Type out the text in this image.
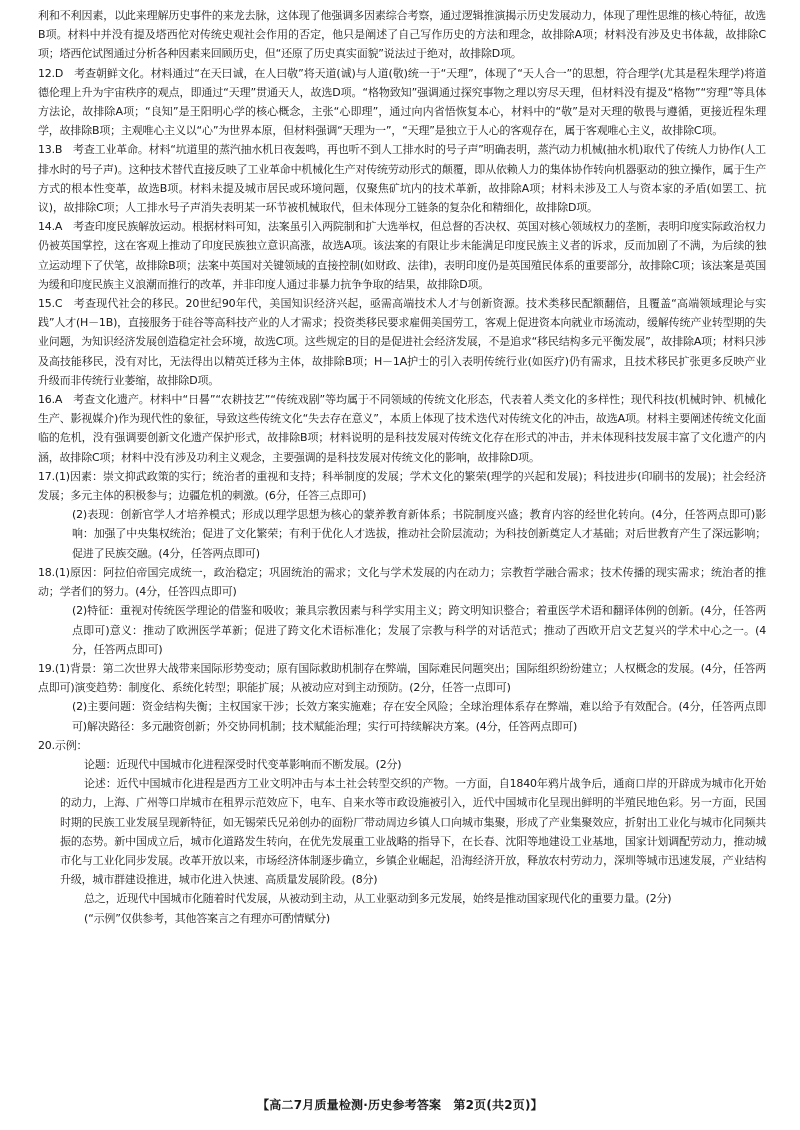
利和不利因素，以此来理解历史事件的来龙去脉，这体现了他强调多因素综合考察，通过逻辑推演揭示历史发展动力，体现了理性思维的核心特征，故选B项。材料中并没有提及塔西佗对传统史观社会作用的否定，他只是阐述了自己写作历史的方法和理念，故排除A项；材料没有涉及史书体裁，故排除C项；塔西佗试图通过分析各种因素来回顾历史，但“还原了历史真实面貌”说法过于绝对，故排除D项。

12.D　考查朝鲜文化。材料通过“在天曰诚，在人曰敬”将天道(诚)与人道(敬)统一于“天理”，体现了“天人合一”的思想，符合理学(尤其是程朱理学)将道德伦理上升为宇宙秩序的观点，即通过“天理”贯通天人，故选D项。“格物致知”强调通过探究事物之理以穷尽天理，但材料没有提及“格物”“穷理”等具体方法论，故排除A项；“良知”是王阳明心学的核心概念，主张“心即理”，通过向内省悟恢复本心，材料中的“敬”是对天理的敬畏与遵循，更接近程朱理学，故排除B项；主观唯心主义以“心”为世界本原，但材料强调“天理为一”，“天理”是独立于人心的客观存在，属于客观唯心主义，故排除C项。

13.B　考查工业革命。材料“坑道里的蒸汽抽水机日夜轰鸣，再也听不到人工排水时的号子声”明确表明，蒸汽动力机械(抽水机)取代了传统人力协作(人工排水时的号子声)。这种技术替代直接反映了工业革命中机械化生产对传统劳动形式的颠覆，即从依赖人力的集体协作转向机器驱动的独立操作，属于生产方式的根本性变革，故选B项。材料未提及城市居民或环境问题，仅聚焦矿坑内的技术革新，故排除A项；材料未涉及工人与资本家的矛盾(如罢工、抗议)，故排除C项；人工排水号子声消失表明某一环节被机械取代，但未体现分工链条的复杂化和精细化，故排除D项。

14.A　考查印度民族解放运动。根据材料可知，法案虽引入两院制和扩大选举权，但总督的否决权、英国对核心领域权力的垄断，表明印度实际政治权力仍被英国掌控，这在客观上推动了印度民族独立意识高涨，故选A项。该法案的有限让步未能满足印度民族主义者的诉求，反而加剧了不满，为后续的独立运动埋下了伏笔，故排除B项；法案中英国对关键领域的直接控制(如财政、法律)，表明印度仍是英国殖民体系的重要部分，故排除C项；该法案是英国为缓和印度民族主义浪潮而推行的改革，并非印度人通过非暴力抗争争取的结果，故排除D项。

15.C　考查现代社会的移民。20世纪90年代，美国知识经济兴起，亟需高端技术人才与创新资源。技术类移民配额翻倍，且覆盖“高端领域理论与实践”人才(H－1B)，直接服务于硅谷等高科技产业的人才需求；投资类移民要求雇佣美国劳工，客观上促进资本向就业市场流动，缓解传统产业转型期的失业问题，为知识经济发展创造稳定社会环境，故选C项。这些规定的目的是促进社会经济发展，不是追求“移民结构多元平衡发展”，故排除A项；材料只涉及高技能移民，没有对比，无法得出以精英迁移为主体，故排除B项；H－1A护士的引入表明传统行业(如医疗)仍有需求，且技术移民扩张更多反映产业升级而非传统行业萎缩，故排除D项。

16.A　考查文化遗产。材料中“日晷”“农耕技艺”“传统戏剧”等均属于不同领域的传统文化形态，代表着人类文化的多样性；现代科技(机械时钟、机械化生产、影视媒介)作为现代性的象征，导致这些传统文化“失去存在意义”，本质上体现了技术迭代对传统文化的冲击，故选A项。材料主要阐述传统文化面临的危机，没有强调要创新文化遗产保护形式，故排除B项；材料说明的是科技发展对传统文化存在形式的冲击，并未体现科技发展丰富了文化遗产的内涵，故排除C项；材料中没有涉及功利主义观念，主要强调的是科技发展对传统文化的影响，故排除D项。

17.(1)因素：崇文抑武政策的实行；统治者的重视和支持；科举制度的发展；学术文化的繁荣(理学的兴起和发展)；科技进步(印刷书的发展)；社会经济发展；多元主体的积极参与；边疆危机的刺激。(6分，任答三点即可)

(2)表现：创新官学人才培养模式；形成以理学思想为核心的蒙养教育新体系；书院制度兴盛；教育内容的经世化转向。(4分，任答两点即可)影响：加强了中央集权统治；促进了文化繁荣；有利于优化人才选拔，推动社会阶层流动；为科技创新奠定人才基础；对后世教育产生了深远影响；促进了民族交融。(4分，任答两点即可)

18.(1)原因：阿拉伯帝国完成统一，政治稳定；巩固统治的需求；文化与学术发展的内在动力；宗教哲学融合需求；技术传播的现实需求；统治者的推动；学者们的努力。(4分，任答四点即可)

(2)特征：重视对传统医学理论的借鉴和吸收；兼具宗教因素与科学实用主义；跨文明知识整合；着重医学术语和翻译体例的创新。(4分，任答两点即可)意义：推动了欧洲医学革新；促进了跨文化术语标准化；发展了宗教与科学的对话范式；推动了西欧开启文艺复兴的学术中心之一。(4分，任答两点即可)

19.(1)背景：第二次世界大战带来国际形势变动；原有国际救助机制存在弊端，国际难民问题突出；国际组织纷纷建立；人权概念的发展。(4分，任答两点即可)演变趋势：制度化、系统化转型；职能扩展；从被动应对到主动预防。(2分，任答一点即可)

(2)主要问题：资金结构失衡；主权国家干涉；长效方案实施难；存在安全风险；全球治理体系存在弊端，难以给予有效配合。(4分，任答两点即可)解决路径：多元融资创新；外交协同机制；技术赋能治理；实行可持续解决方案。(4分，任答两点即可)

20.示例：

论题：近现代中国城市化进程深受时代变革影响而不断发展。(2分)

论述：近代中国城市化进程是西方工业文明冲击与本土社会转型交织的产物。一方面，自1840年鸦片战争后，通商口岸的开辟成为城市化开始的动力，上海、广州等口岸城市在租界示范效应下，电车、自来水等市政设施被引入，近代中国城市化呈现出鲜明的半殖民地色彩。另一方面，民国时期的民族工业发展呈现新特征，如无锡荣氏兄弟创办的面粉厂带动周边乡镇人口向城市集聚，形成了产业集聚效应，折射出工业化与城市化同频共振的态势。新中国成立后，城市化道路发生转向，在优先发展重工业战略的指导下，在长春、沈阳等地建设工业基地，国家计划调配劳动力，推动城市化与工业化同步发展。改革开放以来，市场经济体制逐步确立，乡镇企业崛起，沿海经济开放，释放农村劳动力，深圳等城市迅速发展，产业结构升级，城市群建设推进，城市化进入快速、高质量发展阶段。(8分)

总之，近现代中国城市化随着时代发展，从被动到主动，从工业驱动到多元发展，始终是推动国家现代化的重要力量。(2分)

(“示例”仅供参考，其他答案言之有理亦可酌情赋分)

【高二7月质量检测·历史参考答案　第2页(共2页)】
